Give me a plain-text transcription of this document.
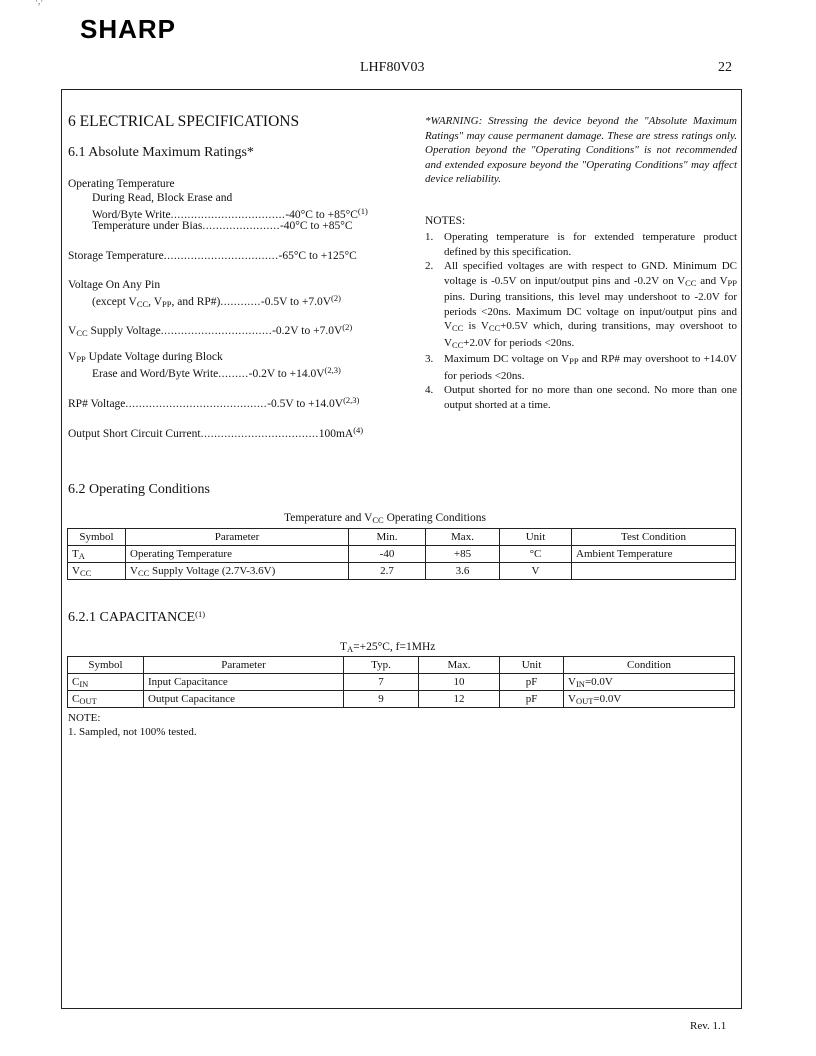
·,·
SHARP
LHF80V03	22
6 ELECTRICAL SPECIFICATIONS
6.1 Absolute Maximum Ratings*
Operating Temperature
During Read, Block Erase and
Word/Byte Write..................................-40°C to $+85^\circ C^{(1)}$
Temperature under Bias.......................-40°C to +85°C
Storage Temperature..................................-65°C to +125°C
Voltage On Any Pin
(except $V_{CC}$, $V_{PP}$, and RP#)............-0.5V to $+7.0V^{(2)}$
$V_{CC}$ Supply Voltage.................................-0.2V to $+7.0V^{(2)}$
$V_{PP}$ Update Voltage during Block
Erase and Word/Byte Write.........-0.2V to $+14.0V^{(2,3)}$
RP# Voltage..........................................-0.5V to $+14.0V^{(2,3)}$
Output Short Circuit $Current...................................100mA^{(4)}$
*WARNING: Stressing the device beyond the "Absolute Maximum Ratings" may cause permanent damage. These are stress ratings only. Operation beyond the "Operating Conditions" is not recommended and extended exposure beyond the "Operating Conditions" may affect device reliability.
NOTES:

1. Operating temperature is for extended temperature product defined by this specification.

2. All specified voltages are with respect to GND. Minimum DC voltage is -0.5V on input/output pins and -0.2V on $V_{CC}$ and $V_{PP}$ pins. During transitions, this level may undershoot to -2.0V for periods <20ns. Maximum DC voltage on input/output pins and $V_{CC}$ is $V_{CC}+0.5V$ which, during transitions, may overshoot to $V_{CC}+2.0V$ for periods <20ns.

3. Maximum DC voltage on $V_{PP}$ and RP# may overshoot to +14.0V for periods <20ns.

4. Output shorted for no more than one second. No more than one output shorted at a time.

6.2 Operating Conditions
Temperature and $V_{CC}$ Operating Conditions
Symbol	Parameter	Min.	Max.	Unit	Test Condition
$T_A$	Operating Temperature	-40	+85	°C	Ambient Temperature
$V_{CC}$	$V_{CC}$ Supply Voltage (2.7V-3.6V)	2.7	3.6	V	
6.2.1 CAPACITANCE$^{(1)}$
$T_A=+25^\circ C$, f=1MHz
Symbol	Parameter	Typ.	Max.	Unit	Condition
$C_{IN}$	Input Capacitance	7	10	pF	$V_{IN}=0.0V$
$C_{OUT}$	Output Capacitance	9	12	pF	$V_{OUT}=0.0V$
NOTE:
1. Sampled, not 100% tested.
Rev. 1.1
